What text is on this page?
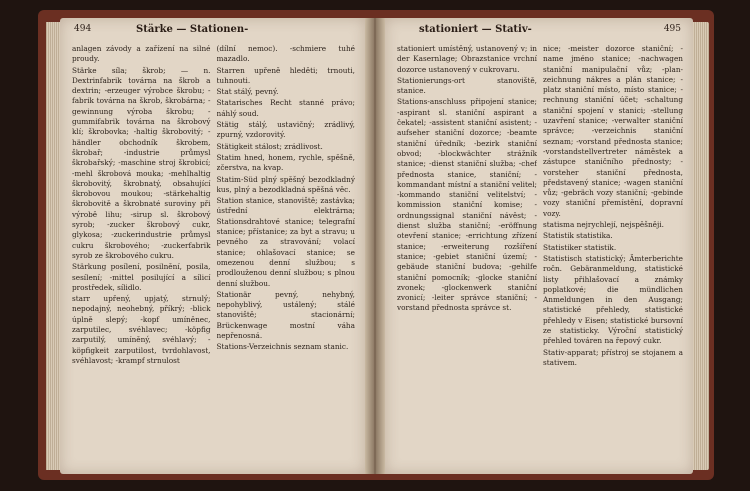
494	Stärke — Stationen-

anlagen závody a zařízení na silné proudy.

Stärke síla; škrob; — n. Dextrinfabrik továrna na škrob a dextrin; -erzeuger výrobce škrobu; -fabrik továrna na škrob, škrobárna; -gewinnung výroba škrobu; -gummifabrik továrna na škrobový klí; škrobovka; -haltig škrobovitý; -händler obchodník škrobem, škrobař; -industrie průmysl škrobařský; -maschine stroj škrobicí; -mehl škrobová mouka; -mehlhaltig škrobovitý, škrobnatý, obsahující škrobovou moukou; -stärkehaltig škrobovitě a škrobnaté suroviny při výrobě lihu; -sirup sl. škrobový syrob; -zucker škrobový cukr, glykosa; -zuckerindustrie průmysl cukru škrobového; -zuckerfabrik syrob ze škrobového cukru.

Stärkung posílení, posilnění, posila, sesílení; -mittel posilující a sílicí prostředek, sílidlo.

starr upřený, upjatý, strnulý; nepodajný, neohebný, příkrý; -blick úplně slepý; -kopf umíněnec, zarputilec, svéhlavec; -köpfig zarputilý, umíněný, svéhlavý; -köpfigkeit zarputilost, tvrdohlavost, svéhlavost; -krampf strnulost

(dílní nemoc). -schmiere tuhé mazadlo.

Starren upřeně hleděti; trnouti, tuhnouti.

Stat stálý, pevný.

Statarisches Recht stanné právo; náhlý soud.

Stätig stálý, ustavičný; zrádlivý, zpurný, vzdorovitý.

Stätigkeit stálost; zrádlivost.

Statim hned, honem, rychle, spěšně, zčerstva, na kvap.

Statim-Süd plný spěšný bezodkladný kus, plný a bezodkladná spěšná věc.

Station stanice, stanoviště; zastávka; ústřední elektrárna; Stationsdrahtové stanice; telegrafní stanice; přístanice; za byt a stravu; u pevného za stravování; volací stanice; ohlašovací stanice; se omezenou denní službou; s prodlouženou denní službou; s plnou denní službou.

Stationär pevný, nehybný, nepohyblivý, ustálený; stálé stanoviště; stacionární; Brückenwage mostní váha nepřenosná.

Stations-Verzeichnis seznam stanic.

stationiert — Stativ-	495

stationiert umístěný, ustanovený v; in der Kasernlage; Obrazstanice vrchní dozorce ustanovený v cukrovaru.

Stationierungs-ort stanoviště, stanice.

Stations-anschluss připojení stanice; -aspirant sl. staniční aspirant a čekatel; -assistent staniční asistent; -aufseher staniční dozorce; -beamte staniční úředník; -bezirk staniční obvod; -blockwächter strážník stanice; -dienst staniční služba; -chef přednosta stanice, staniční; -kommandant místní a staniční velitel; -kommando staniční velitelství; -kommission staniční komise; -ordnungssignal staniční návěst; -dienst služba staniční; -eröffnung otevření stanice; -errichtung zřízení stanice; -erweiterung rozšíření stanice; -gebiet staniční území; -gebäude staniční budova; -gehilfe staniční pomocník; -glocke staniční zvonek; -glockenwerk staniční zvonicí; -leiter správce staniční; -vorstand přednosta správce st.

nice; -meister dozorce staniční; -name jméno stanice; -nachwagen staniční manipulační vůz; -plan-zeichnung nákres a plán stanice; -platz staniční místo, místo stanice; -rechnung staniční účet; -schaltung staniční spojení v stanici; -stellung uzavření stanice; -verwalter staniční správce; -verzeichnis staniční seznam; -vorstand přednosta stanice; -vorstandstellvertreter náměstek a zástupce staničního přednosty; -vorsteher staniční přednosta, představený stanice; -wagen staniční vůz; -gebräch vozy staniční; -gebinde vozy staniční přemístění, dopravní vozy.

statisma nejrychlejí, nejspěšněji.

Statistik statistika.

Statistiker statistik.

Statistisch statistický; Ämterberichte ročn. Gebäranmeldung, statistické listy přihlašovací a známky poplatkové; die mündlichen Anmeldungen in den Ausgang; statistické přehledy, statistické přehledy v Eisen; statistické bursovní ze statisticky. Výroční statistický přehled továren na řepový cukr.

Stativ-apparat; přístroj se stojanem a stativem.
